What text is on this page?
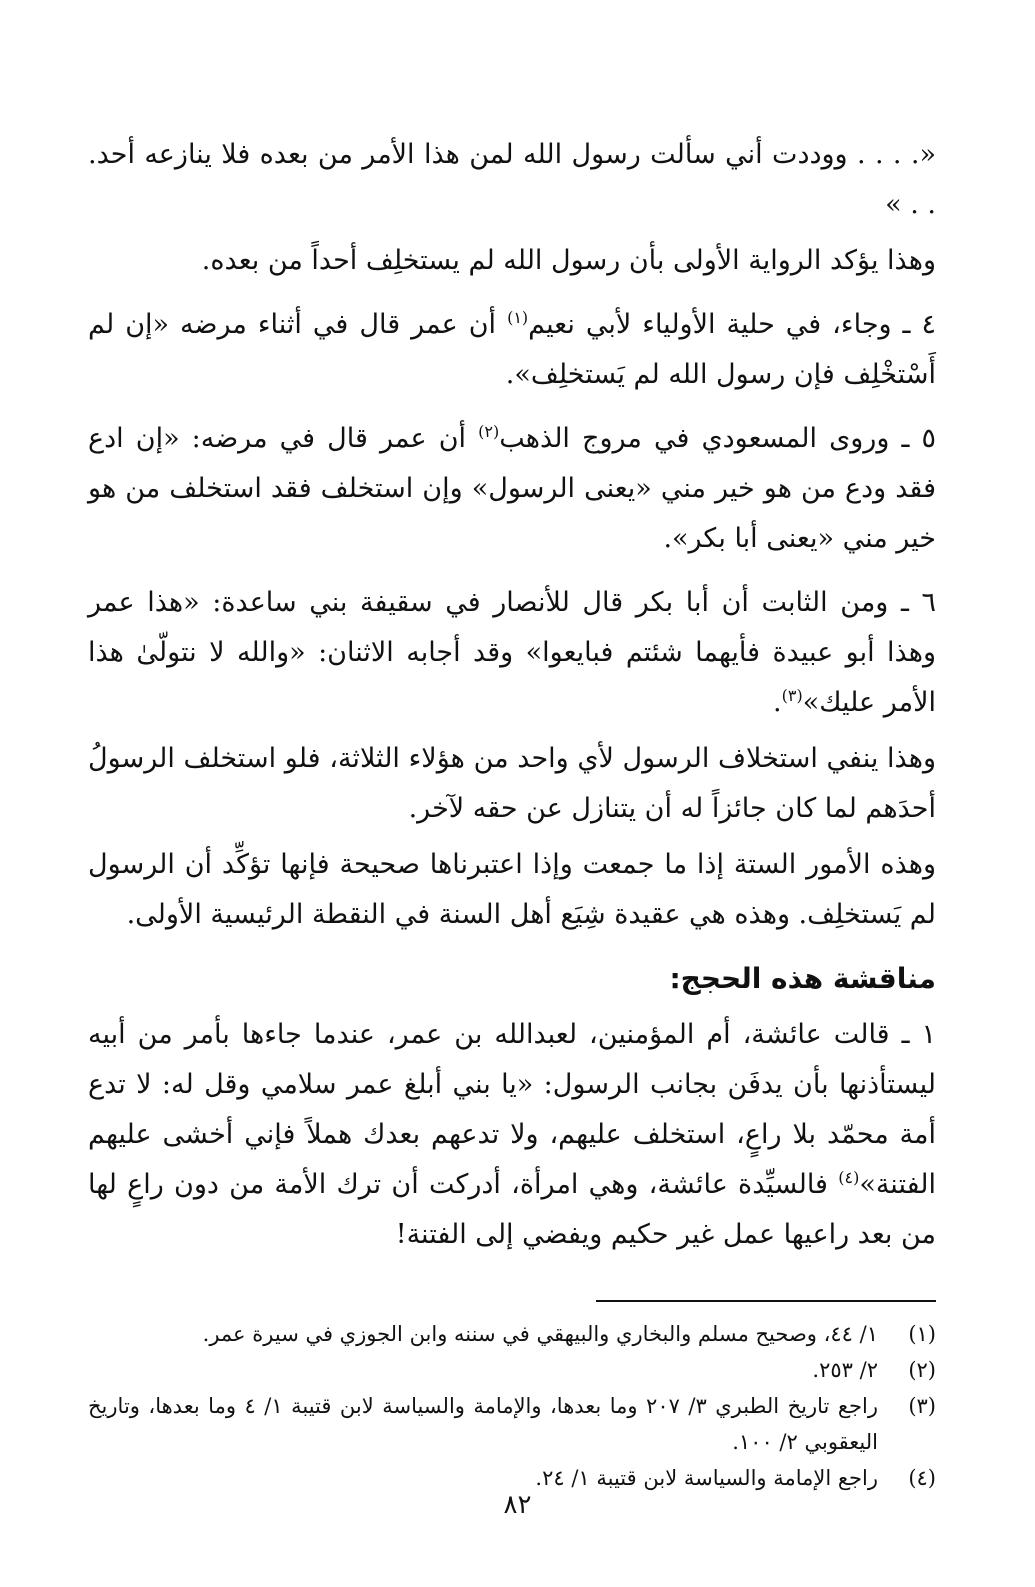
«. . . . ووددت أني سألت رسول الله لمن هذا الأمر من بعده فلا ينازعه أحد. . . »

وهذا يؤكد الرواية الأولى بأن رسول الله لم يستخلِف أحداً من بعده.

٤ ـ وجاء، في حلية الأولياء لأبي نعيم$^{(١)}$ أن عمر قال في أثناء مرضه «إن لم أَسْتخْلِف فإن رسول الله لم يَستخلِف».

٥ ـ وروى المسعودي في مروج الذهب$^{(٢)}$ أن عمر قال في مرضه: «إن ادع فقد ودع من هو خير مني «يعنى الرسول» وإن استخلف فقد استخلف من هو خير مني «يعنى أبا بكر».

٦ ـ ومن الثابت أن أبا بكر قال للأنصار في سقيفة بني ساعدة: «هذا عمر وهذا أبو عبيدة فأيهما شئتم فبايعوا» وقد أجابه الاثنان: «والله لا نتولّىٰ هذا الأمر عليك»$^{(٣)}$.

وهذا ينفي استخلاف الرسول لأي واحد من هؤلاء الثلاثة، فلو استخلف الرسولُ أحدَهم لما كان جائزاً له أن يتنازل عن حقه لآخر.

وهذه الأمور الستة إذا ما جمعت وإذا اعتبرناها صحيحة فإنها تؤكِّد أن الرسول لم يَستخلِف. وهذه هي عقيدة شِيَع أهل السنة في النقطة الرئيسية الأولى.

مناقشة هذه الحجج:

١ ـ قالت عائشة، أم المؤمنين، لعبدالله بن عمر، عندما جاءها بأمر من أبيه ليستأذنها بأن يدفَن بجانب الرسول: «يا بني أبلغ عمر سلامي وقل له: لا تدع أمة محمّد بلا راعٍ، استخلف عليهم، ولا تدعهم بعدك هملاً فإني أخشى عليهم الفتنة»$^{(٤)}$ فالسيِّدة عائشة، وهي امرأة، أدركت أن ترك الأمة من دون راعٍ لها من بعد راعيها عمل غير حكيم ويفضي إلى الفتنة!

(١)
١/ ٤٤، وصحيح مسلم والبخاري والبيهقي في سننه وابن الجوزي في سيرة عمر.
(٢)
٢/ ٢٥٣.
(٣)
راجع تاريخ الطبري ٣/ ٢٠٧ وما بعدها، والإمامة والسياسة لابن قتيبة ١/ ٤ وما بعدها، وتاريخ اليعقوبي ٢/ ١٠٠.
(٤)
راجع الإمامة والسياسة لابن قتيبة ١/ ٢٤.
٨٢
